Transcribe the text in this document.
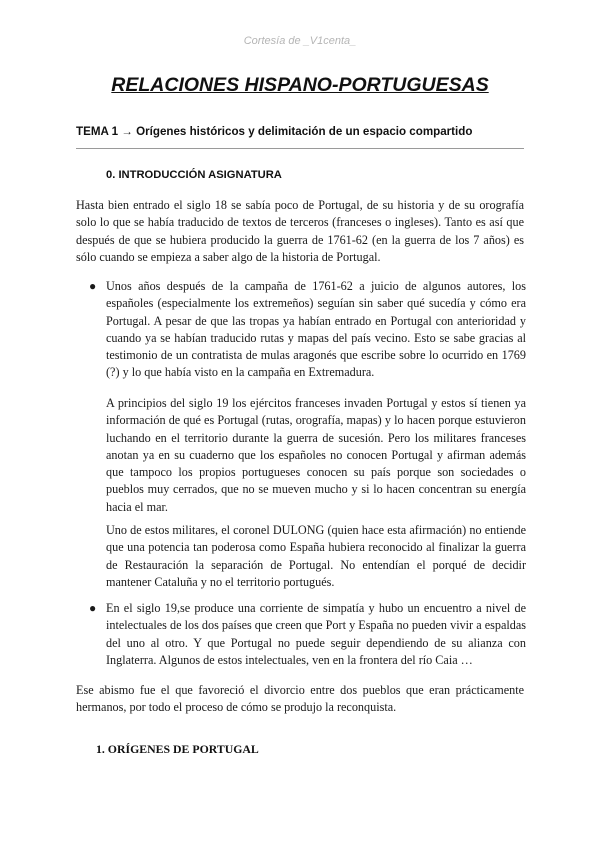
Cortesía de _V1centa_
RELACIONES HISPANO-PORTUGUESAS
TEMA 1 → Orígenes históricos y delimitación de un espacio compartido
0. INTRODUCCIÓN ASIGNATURA
Hasta bien entrado el siglo 18 se sabía poco de Portugal, de su historia y de su orografía solo lo que se había traducido de textos de terceros (franceses o ingleses). Tanto es así que después de que se hubiera producido la guerra de 1761-62 (en la guerra de los 7 años) es sólo cuando se empieza a saber algo de la historia de Portugal.
● Unos años después de la campaña de 1761-62 a juicio de algunos autores, los españoles (especialmente los extremeños) seguían sin saber qué sucedía y cómo era Portugal. A pesar de que las tropas ya habían entrado en Portugal con anterioridad y cuando ya se habían traducido rutas y mapas del país vecino. Esto se sabe gracias al testimonio de un contratista de mulas aragonés que escribe sobre lo ocurrido en 1769 (?) y lo que había visto en la campaña en Extremadura.
A principios del siglo 19 los ejércitos franceses invaden Portugal y estos sí tienen ya información de qué es Portugal (rutas, orografía, mapas) y lo hacen porque estuvieron luchando en el territorio durante la guerra de sucesión. Pero los militares franceses anotan ya en su cuaderno que los españoles no conocen Portugal y afirman además que tampoco los propios portugueses conocen su país porque son sociedades o pueblos muy cerrados, que no se mueven mucho y si lo hacen concentran su energía hacia el mar.
Uno de estos militares, el coronel DULONG (quien hace esta afirmación) no entiende que una potencia tan poderosa como España hubiera reconocido al finalizar la guerra de Restauración la separación de Portugal. No entendían el porqué de decidir mantener Cataluña y no el territorio portugués.
● En el siglo 19,se produce una corriente de simpatía y hubo un encuentro a nivel de intelectuales de los dos países que creen que Port y España no pueden vivir a espaldas del uno al otro. Y que Portugal no puede seguir dependiendo de su alianza con Inglaterra. Algunos de estos intelectuales, ven en la frontera del río Caia …
Ese abismo fue el que favoreció el divorcio entre dos pueblos que eran prácticamente hermanos, por todo el proceso de cómo se produjo la reconquista.
1. ORÍGENES DE PORTUGAL
